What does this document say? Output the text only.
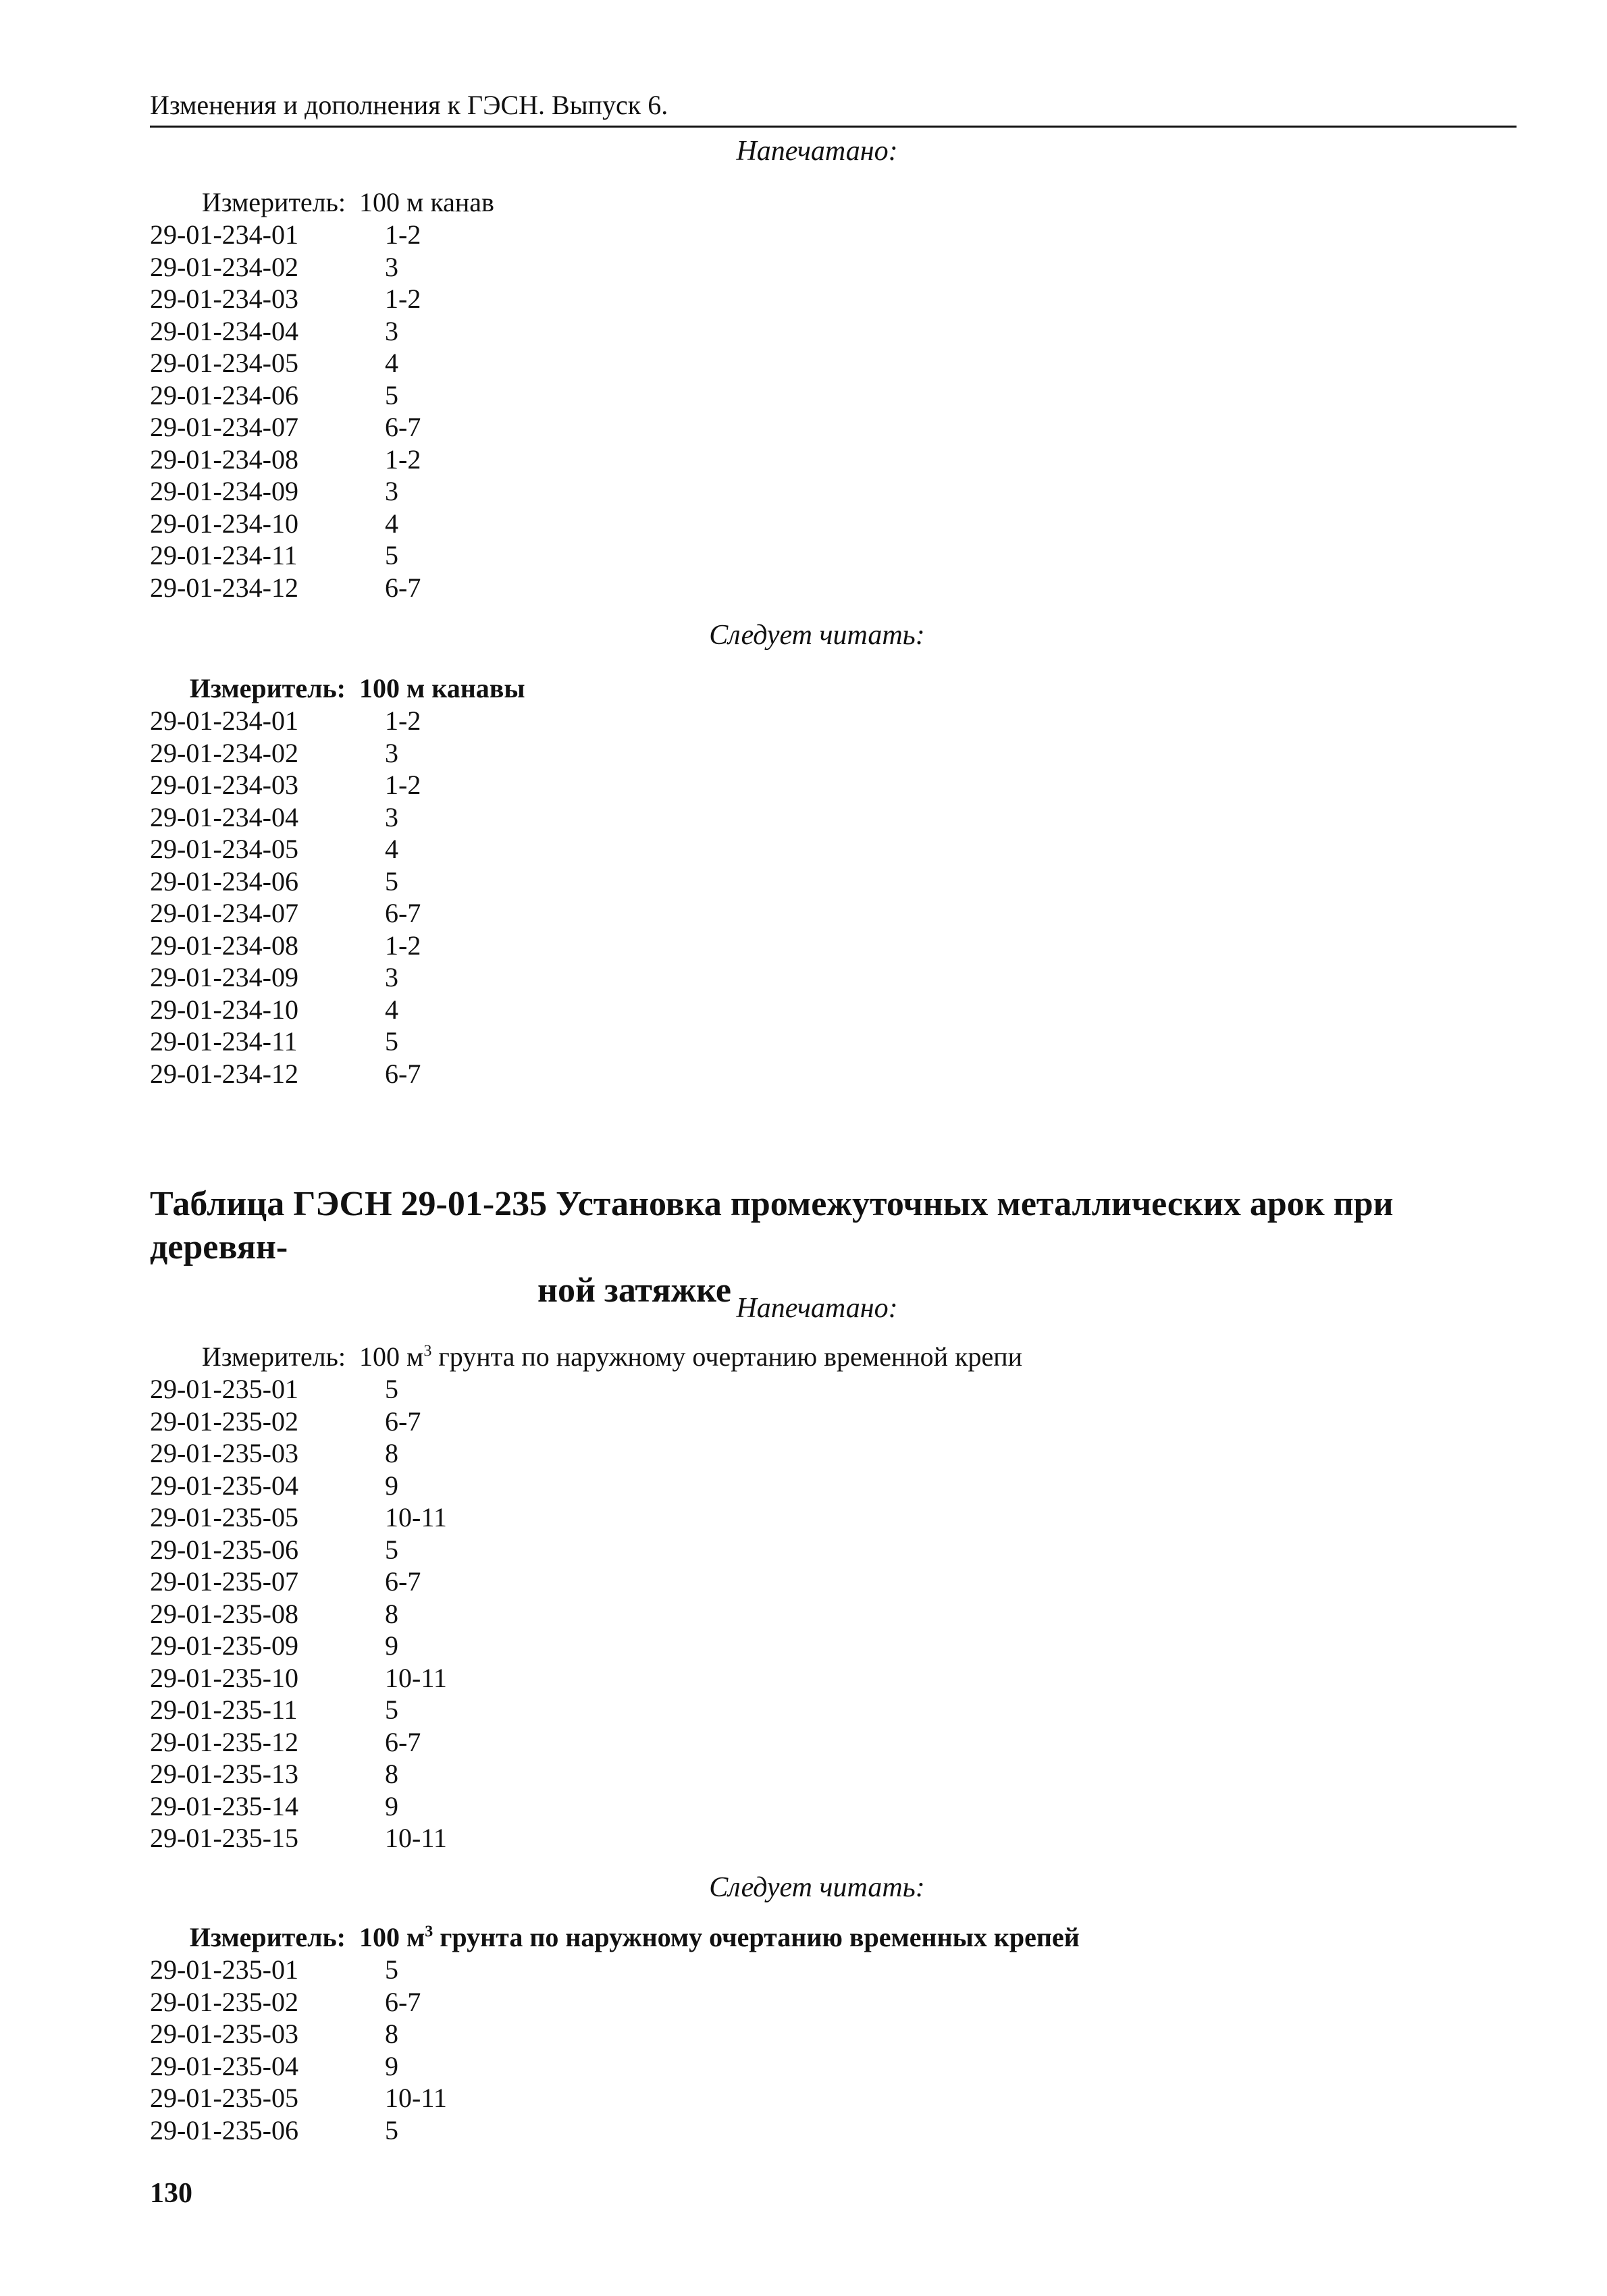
Изменения и дополнения к ГЭСН. Выпуск 6.
Напечатано:
Измеритель: 100 м канав
29-01-234-01	1-2
29-01-234-02	3
29-01-234-03	1-2
29-01-234-04	3
29-01-234-05	4
29-01-234-06	5
29-01-234-07	6-7
29-01-234-08	1-2
29-01-234-09	3
29-01-234-10	4
29-01-234-11	5
29-01-234-12	6-7
Следует читать:
Измеритель: 100 м канавы
29-01-234-01	1-2
29-01-234-02	3
29-01-234-03	1-2
29-01-234-04	3
29-01-234-05	4
29-01-234-06	5
29-01-234-07	6-7
29-01-234-08	1-2
29-01-234-09	3
29-01-234-10	4
29-01-234-11	5
29-01-234-12	6-7
Таблица ГЭСН 29-01-235 Установка промежуточных металлических арок при деревян-
ной затяжке Напечатано:
Измеритель: 100 $м^3$ грунта по наружному очертанию временной крепи
29-01-235-01	5
29-01-235-02	6-7
29-01-235-03	8
29-01-235-04	9
29-01-235-05	10-11
29-01-235-06	5
29-01-235-07	6-7
29-01-235-08	8
29-01-235-09	9
29-01-235-10	10-11
29-01-235-11	5
29-01-235-12	6-7
29-01-235-13	8
29-01-235-14	9
29-01-235-15	10-11
Следует читать:
Измеритель: 100 $м^3$ грунта по наружному очертанию временных крепей
29-01-235-01	5
29-01-235-02	6-7
29-01-235-03	8
29-01-235-04	9
29-01-235-05	10-11
29-01-235-06	5
130
